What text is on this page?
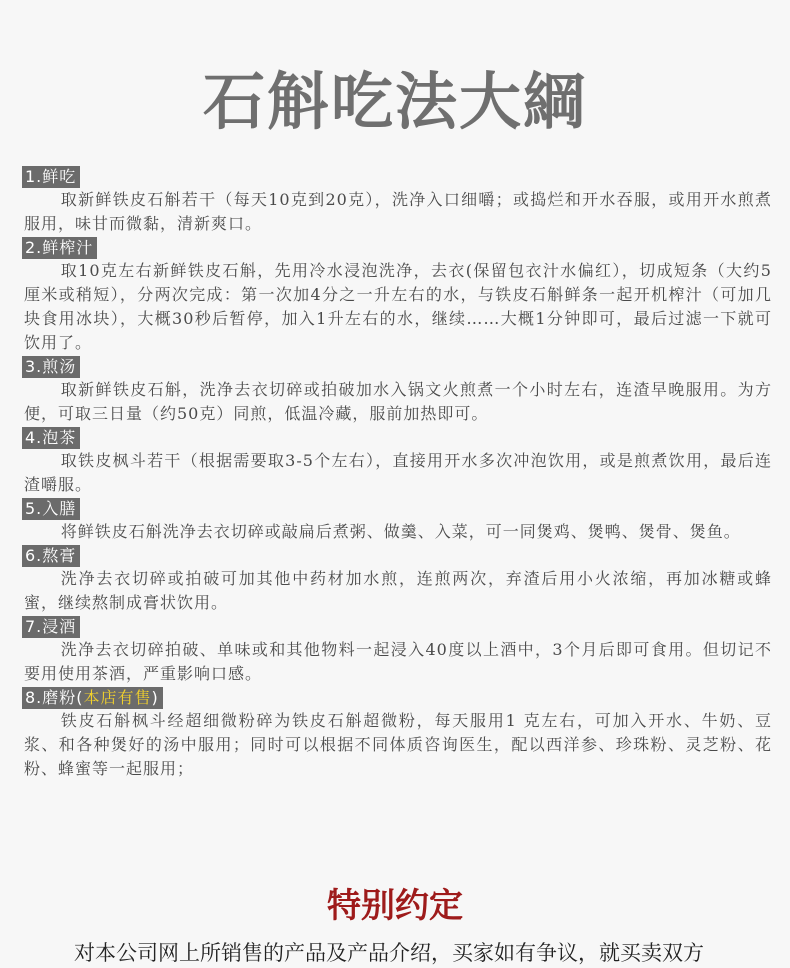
石斛吃法大綱
1.鲜吃

取新鲜铁皮石斛若干（每天10克到20克），洗净入口细嚼；或捣烂和开水吞服，或用开水煎煮服用，味甘而微黏，清新爽口。

2.鲜榨汁

取10克左右新鲜铁皮石斛，先用冷水浸泡洗净，去衣(保留包衣汁水偏红），切成短条（大约5厘米或稍短），分两次完成：第一次加4分之一升左右的水，与铁皮石斛鲜条一起开机榨汁（可加几块食用冰块），大概30秒后暂停，加入1升左右的水，继续……大概1分钟即可，最后过滤一下就可饮用了。

3.煎汤

取新鲜铁皮石斛，洗净去衣切碎或拍破加水入锅文火煎煮一个小时左右，连渣早晚服用。为方便，可取三日量（约50克）同煎，低温冷藏，服前加热即可。

4.泡茶

取铁皮枫斗若干（根据需要取3-5个左右），直接用开水多次冲泡饮用，或是煎煮饮用，最后连渣嚼服。

5.入膳

将鲜铁皮石斛洗净去衣切碎或敲扁后煮粥、做羹、入菜，可一同煲鸡、煲鸭、煲骨、煲鱼。

6.熬膏

洗净去衣切碎或拍破可加其他中药材加水煎，连煎两次，弃渣后用小火浓缩，再加冰糖或蜂蜜，继续熬制成膏状饮用。

7.浸酒

洗净去衣切碎拍破、单味或和其他物料一起浸入40度以上酒中，3个月后即可食用。但切记不要用使用茶酒，严重影响口感。

8.磨粉(本店有售)

铁皮石斛枫斗经超细微粉碎为铁皮石斛超微粉，每天服用1 克左右，可加入开水、牛奶、豆浆、和各种煲好的汤中服用；同时可以根据不同体质咨询医生，配以西洋参、珍珠粉、灵芝粉、花粉、蜂蜜等一起服用；

特别约定
对本公司网上所销售的产品及产品介绍，买家如有争议，就买卖双方
